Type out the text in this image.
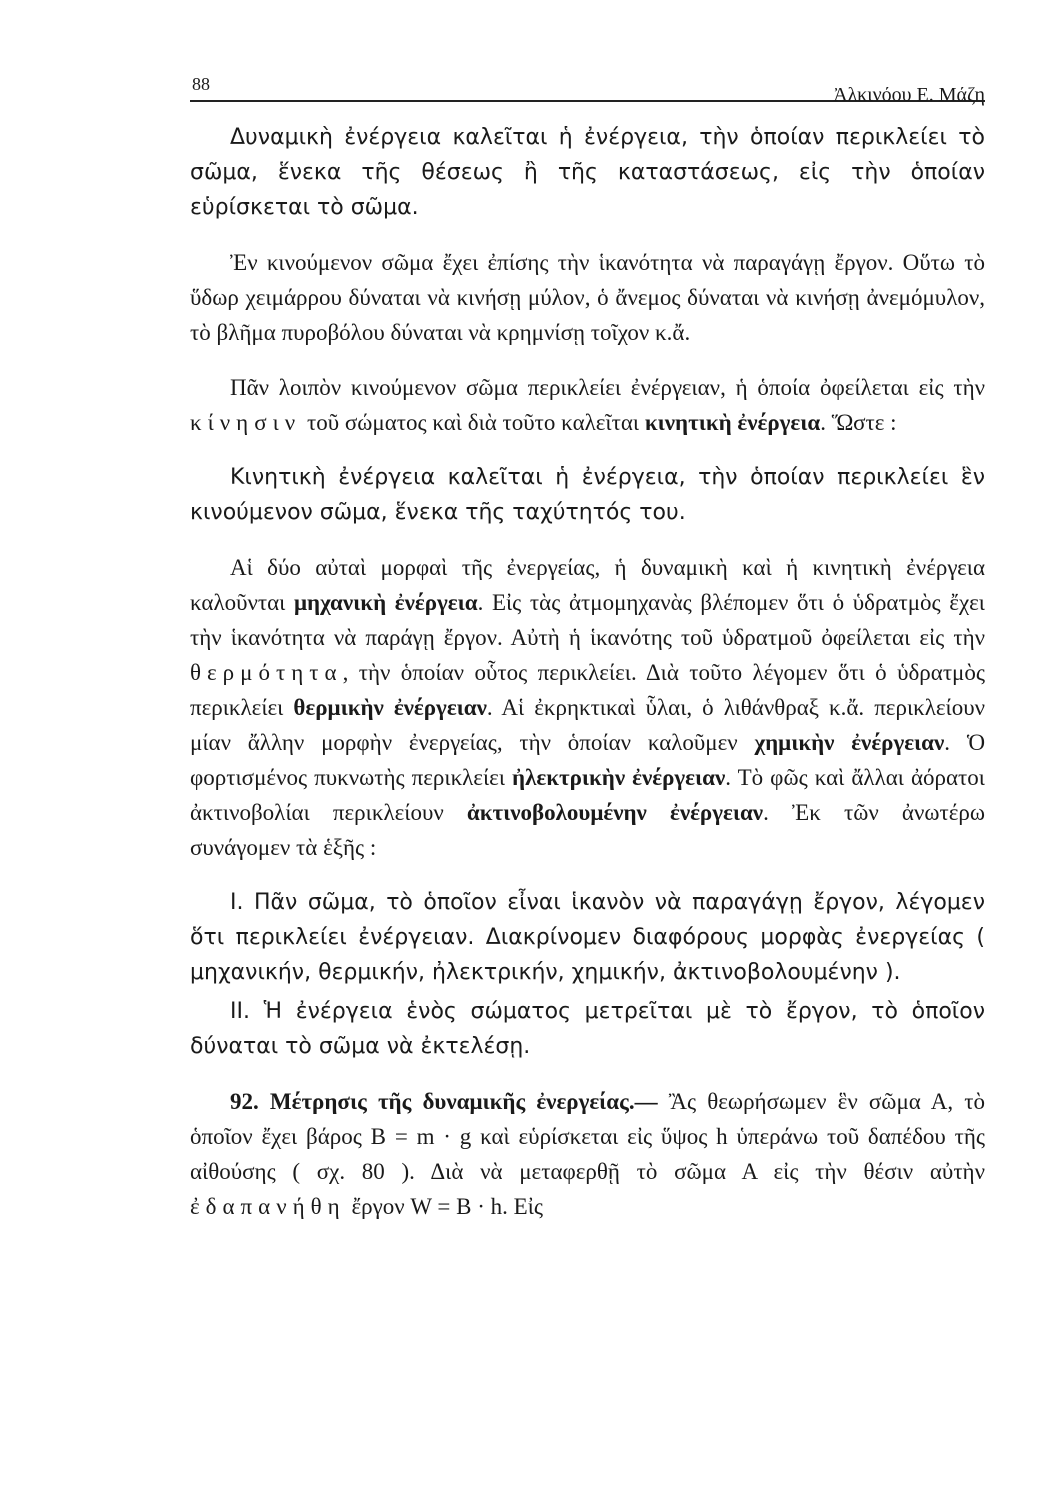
88	Ἀλκινόου Ε. Μάζη

Δυναμικὴ ἐνέργεια καλεῖται ἡ ἐνέργεια, τὴν ὁποίαν περικλείει τὸ σῶμα, ἕνεκα τῆς θέσεως ἢ τῆς καταστάσεως, εἰς τὴν ὁποίαν εὑρίσκεται τὸ σῶμα.

Ἐν κινούμενον σῶμα ἔχει ἐπίσης τὴν ἱκανότητα νὰ παραγάγῃ ἔργον. Οὕτω τὸ ὕδωρ χειμάρρου δύναται νὰ κινήσῃ μύλον, ὁ ἄνεμος δύναται νὰ κινήσῃ ἀνεμόμυλον, τὸ βλῆμα πυροβόλου δύναται νὰ κρημνίσῃ τοῖχον κ.ἄ.

Πᾶν λοιπὸν κινούμενον σῶμα περικλείει ἐνέργειαν, ἡ ὁποία ὀφείλεται εἰς τὴν κίνησιν τοῦ σώματος καὶ διὰ τοῦτο καλεῖται κινητικὴ ἐνέργεια. Ὥστε :

Κινητικὴ ἐνέργεια καλεῖται ἡ ἐνέργεια, τὴν ὁποίαν περικλείει ἓν κινούμενον σῶμα, ἕνεκα τῆς ταχύτητός του.

Αἱ δύο αὐταὶ μορφαὶ τῆς ἐνεργείας, ἡ δυναμικὴ καὶ ἡ κινητικὴ ἐνέργεια καλοῦνται μηχανικὴ ἐνέργεια. Εἰς τὰς ἀτμομηχανὰς βλέπομεν ὅτι ὁ ὑδρατμὸς ἔχει τὴν ἱκανότητα νὰ παράγῃ ἔργον. Αὐτὴ ἡ ἱκανότης τοῦ ὑδρατμοῦ ὀφείλεται εἰς τὴν θερμότητα, τὴν ὁποίαν οὗτος περικλείει. Διὰ τοῦτο λέγομεν ὅτι ὁ ὑδρατμὸς περικλείει θερμικὴν ἐνέργειαν. Αἱ ἐκρηκτικαὶ ὗλαι, ὁ λιθάνθραξ κ.ἄ. περικλείουν μίαν ἄλλην μορφὴν ἐνεργείας, τὴν ὁποίαν καλοῦμεν χημικὴν ἐνέργειαν. Ὁ φορτισμένος πυκνωτὴς περικλείει ἠλεκτρικὴν ἐνέργειαν. Τὸ φῶς καὶ ἄλλαι ἀόρατοι ἀκτινοβολίαι περικλείουν ἀκτινοβολουμένην ἐνέργειαν. Ἐκ τῶν ἀνωτέρω συνάγομεν τὰ ἑξῆς :

I. Πᾶν σῶμα, τὸ ὁποῖον εἶναι ἱκανὸν νὰ παραγάγῃ ἔργον, λέγομεν ὅτι περικλείει ἐνέργειαν. Διακρίνομεν διαφόρους μορφὰς ἐνεργείας ( μηχανικήν, θερμικήν, ἠλεκτρικήν, χημικήν, ἀκτινοβολουμένην ).

II. Ἡ ἐνέργεια ἑνὸς σώματος μετρεῖται μὲ τὸ ἔργον, τὸ ὁποῖον δύναται τὸ σῶμα νὰ ἐκτελέσῃ.

92. Μέτρησις τῆς δυναμικῆς ἐνεργείας.— Ἂς θεωρήσωμεν ἓν σῶμα Α, τὸ ὁποῖον ἔχει βάρος Β = m · g καὶ εὑρίσκεται εἰς ὕψος h ὑπεράνω τοῦ δαπέδου τῆς αἰθούσης ( σχ. 80 ). Διὰ νὰ μεταφερθῇ τὸ σῶμα Α εἰς τὴν θέσιν αὐτὴν ἐδαπανήθη ἔργον W = B · h. Εἰς
